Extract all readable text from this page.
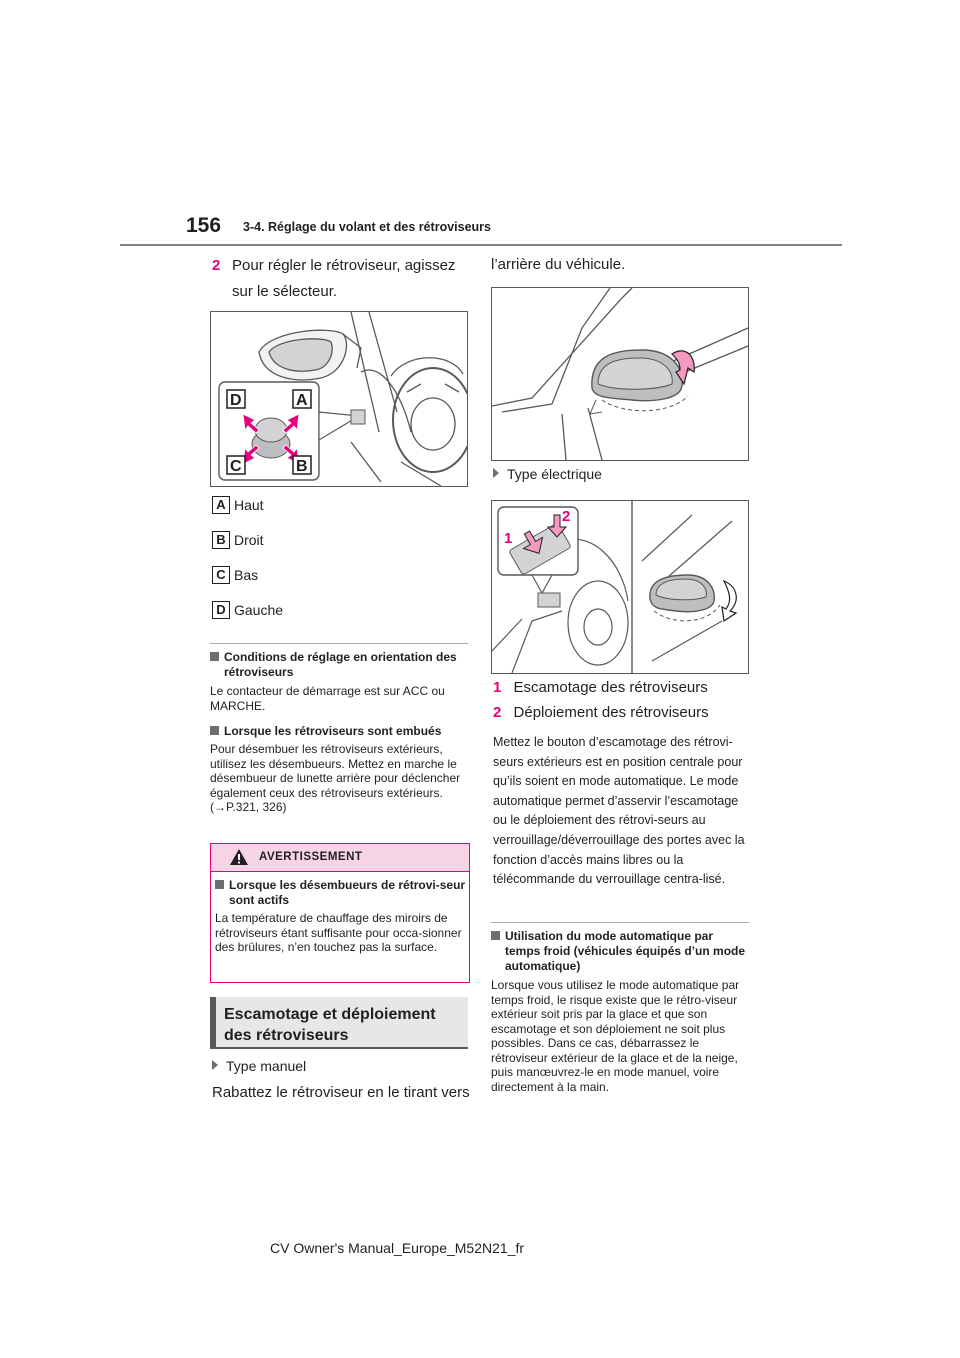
156 3-4. Réglage du volant et des rétroviseurs
2 Pour régler le rétroviseur, agissez sur le sélecteur.
D	A
C	B
A Haut
B Droit
C Bas
D Gauche
Conditions de réglage en orientation des rétroviseurs
Le contacteur de démarrage est sur ACC ou MARCHE.
Lorsque les rétroviseurs sont embués
Pour désembuer les rétroviseurs extérieurs, utilisez les désembueurs. Mettez en marche le désembueur de lunette arrière pour déclencher également ceux des rétroviseurs extérieurs. (→P.321, 326)
AVERTISSEMENT
Lorsque les désembueurs de rétrovi-seur sont actifs
La température de chauffage des miroirs de rétroviseurs étant suffisante pour occa-sionner des brûlures, n’en touchez pas la surface.
Escamotage et déploiement des rétroviseurs
Type manuel
Rabattez le rétroviseur en le tirant vers
l’arrière du véhicule.
Type électrique
1
2
1 Escamotage des rétroviseurs
2 Déploiement des rétroviseurs
Mettez le bouton d’escamotage des rétrovi-seurs extérieurs est en position centrale pour qu’ils soient en mode automatique. Le mode automatique permet d’asservir l’escamotage ou le déploiement des rétrovi-seurs au verrouillage/déverrouillage des portes avec la fonction d’accès mains libres ou la télécommande du verrouillage centra-lisé.
Utilisation du mode automatique par temps froid (véhicules équipés d’un mode automatique)
Lorsque vous utilisez le mode automatique par temps froid, le risque existe que le rétro-viseur extérieur soit pris par la glace et que son escamotage et son déploiement ne soit plus possibles. Dans ce cas, débarrassez le rétroviseur extérieur de la glace et de la neige, puis manœuvrez-le en mode manuel, voire directement à la main.
CV Owner's Manual_Europe_M52N21_fr
